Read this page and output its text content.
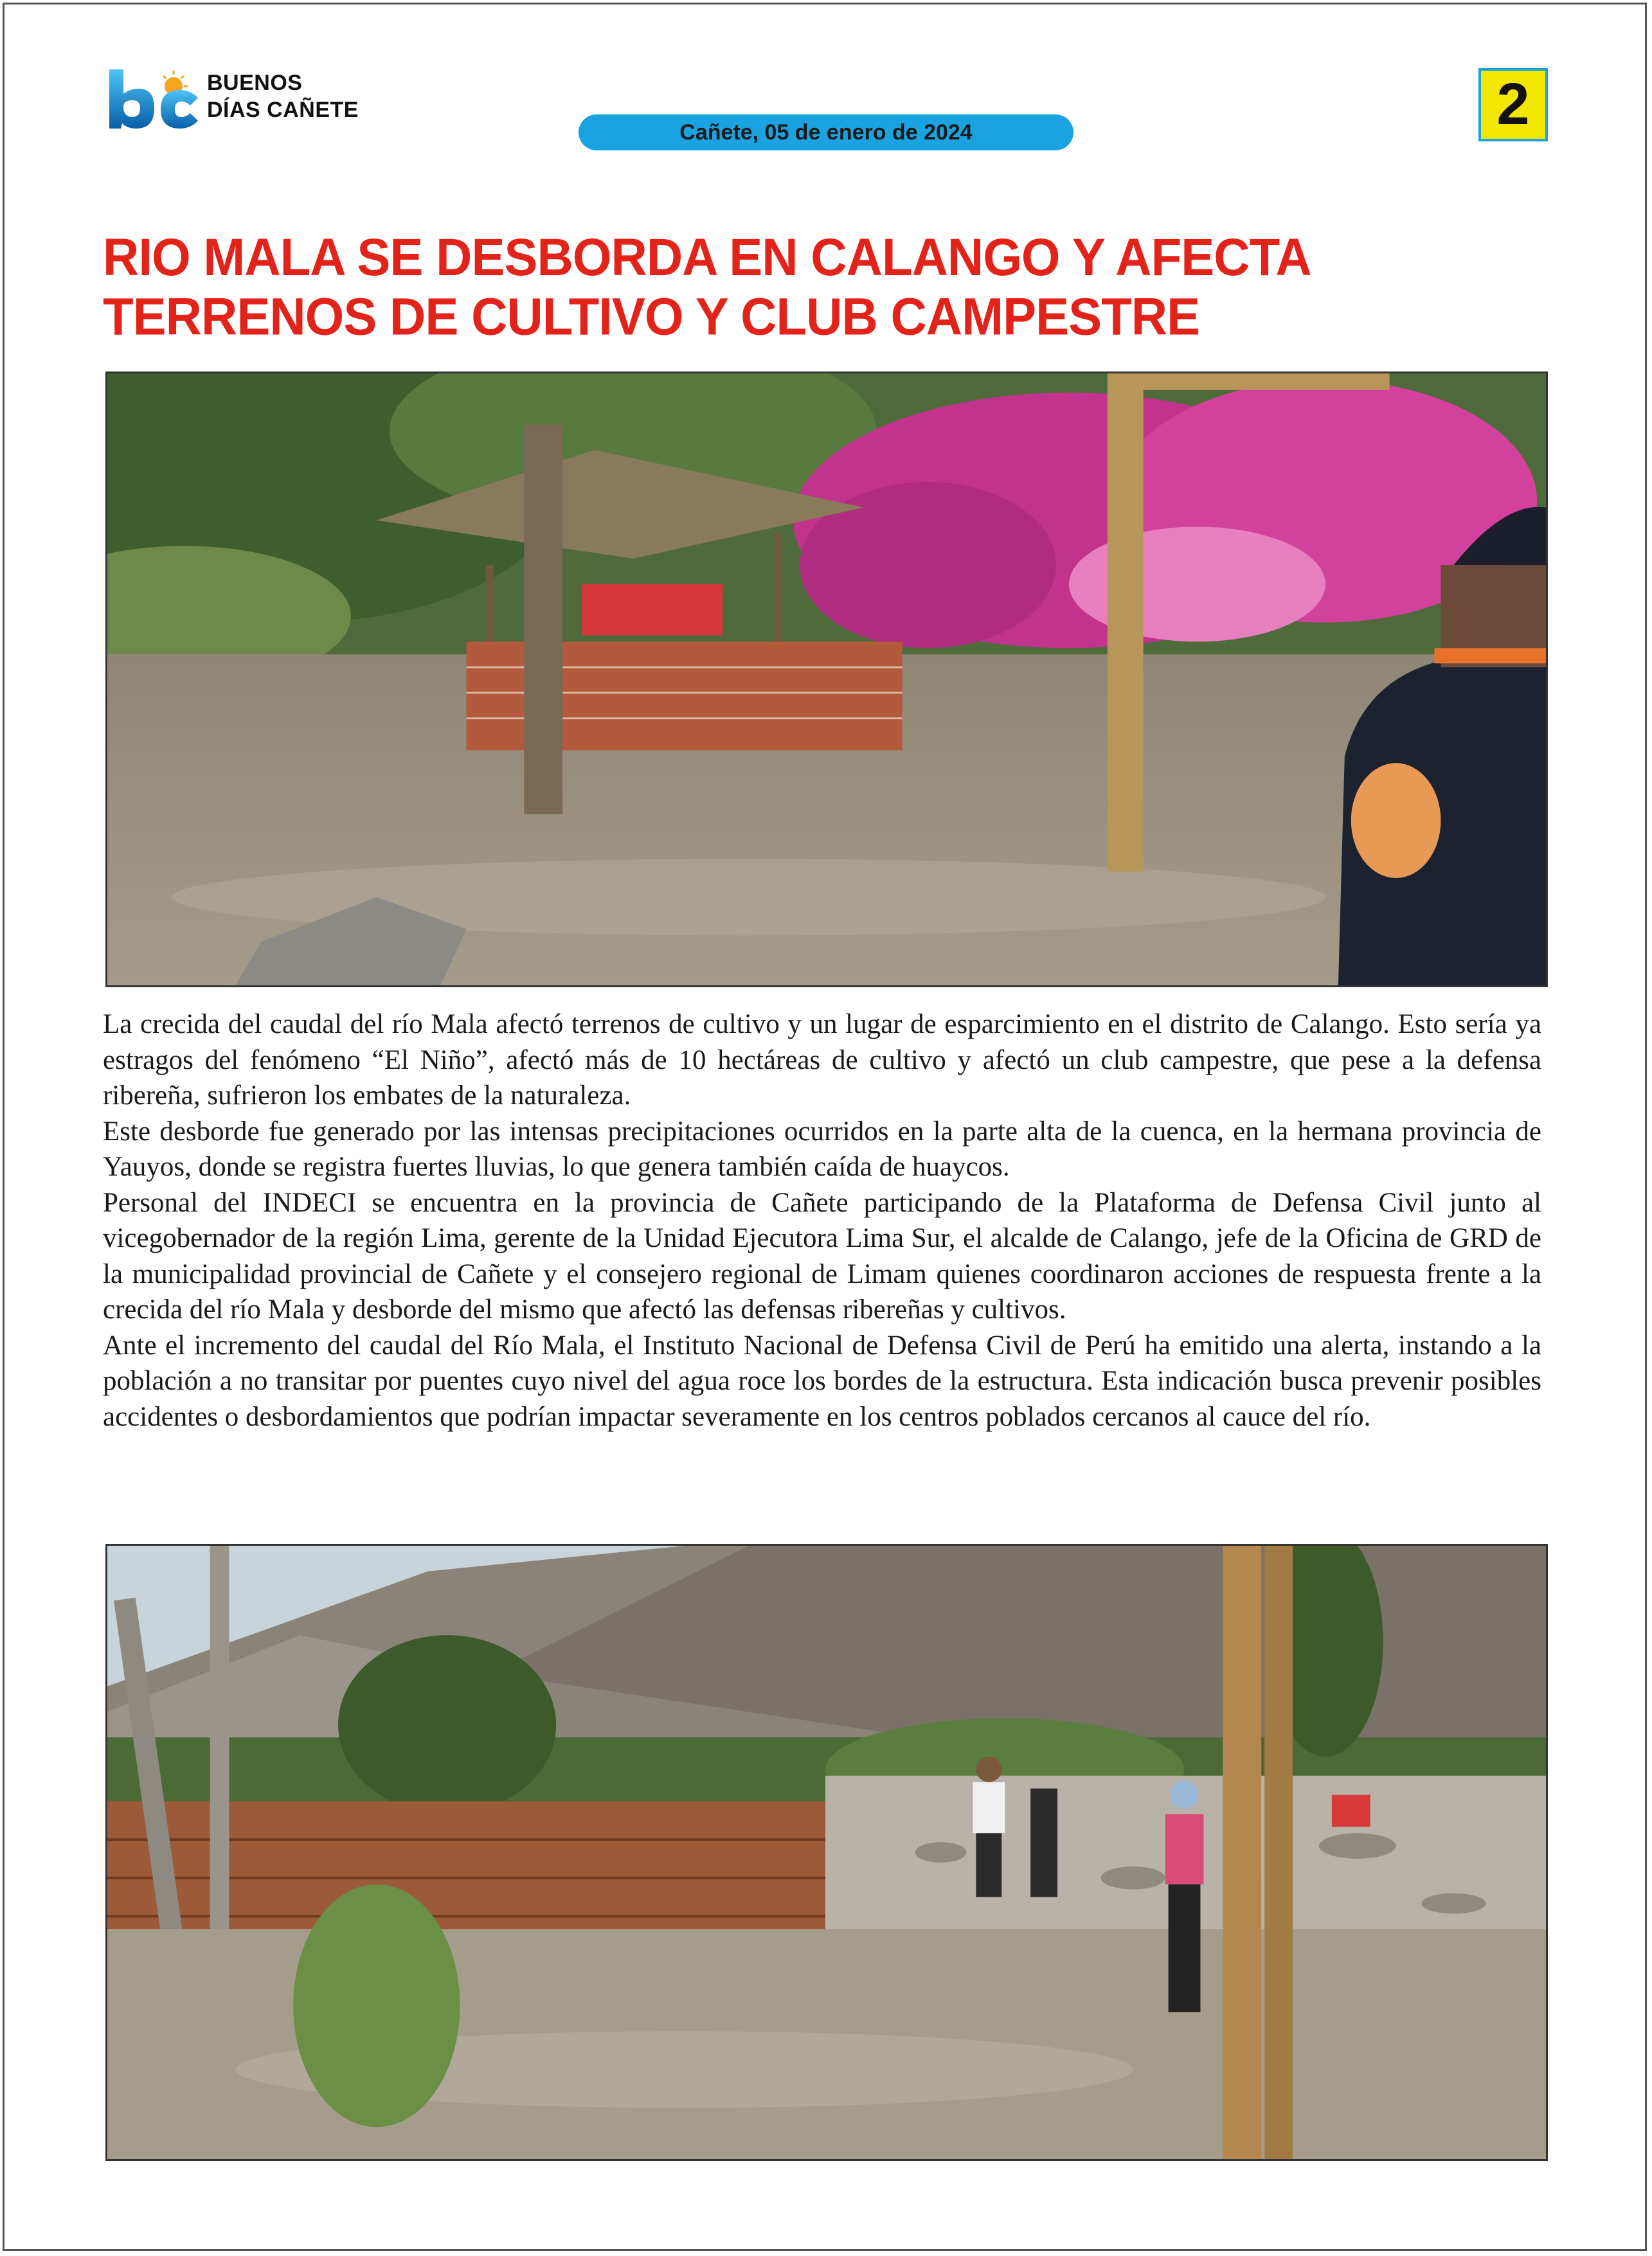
BUENOS
DÍAS CAÑETE
Cañete, 05 de enero de 2024	2
RIO MALA SE DESBORDA EN CALANGO Y AFECTA TERRENOS DE CULTIVO Y CLUB CAMPESTRE

La crecida del caudal del río Mala afectó terrenos de cultivo y un lugar de esparcimiento en el distrito de Calango. Esto sería ya estragos del fenómeno “El Niño”, afectó más de 10 hectáreas de cultivo y afectó un club campestre, que pese a la defensa ribereña, sufrieron los embates de la naturaleza.

Este desborde fue generado por las intensas precipitaciones ocurridos en la parte alta de la cuenca, en la hermana provincia de Yauyos, donde se registra fuertes lluvias, lo que genera también caída de huaycos.

Personal del INDECI se encuentra en la provincia de Cañete participando de la Plataforma de Defensa Civil junto al vicegobernador de la región Lima, gerente de la Unidad Ejecutora Lima Sur, el alcalde de Calango, jefe de la Oficina de GRD de la municipalidad provincial de Cañete y el consejero regional de Limam quienes coordinaron acciones de respuesta frente a la crecida del río Mala y desborde del mismo que afectó las defensas ribereñas y cultivos.

Ante el incremento del caudal del Río Mala, el Instituto Nacional de Defensa Civil de Perú ha emitido una alerta, instando a la población a no transitar por puentes cuyo nivel del agua roce los bordes de la estructura. Esta indicación busca prevenir posibles accidentes o desbordamientos que podrían impactar severamente en los centros poblados cercanos al cauce del río.
